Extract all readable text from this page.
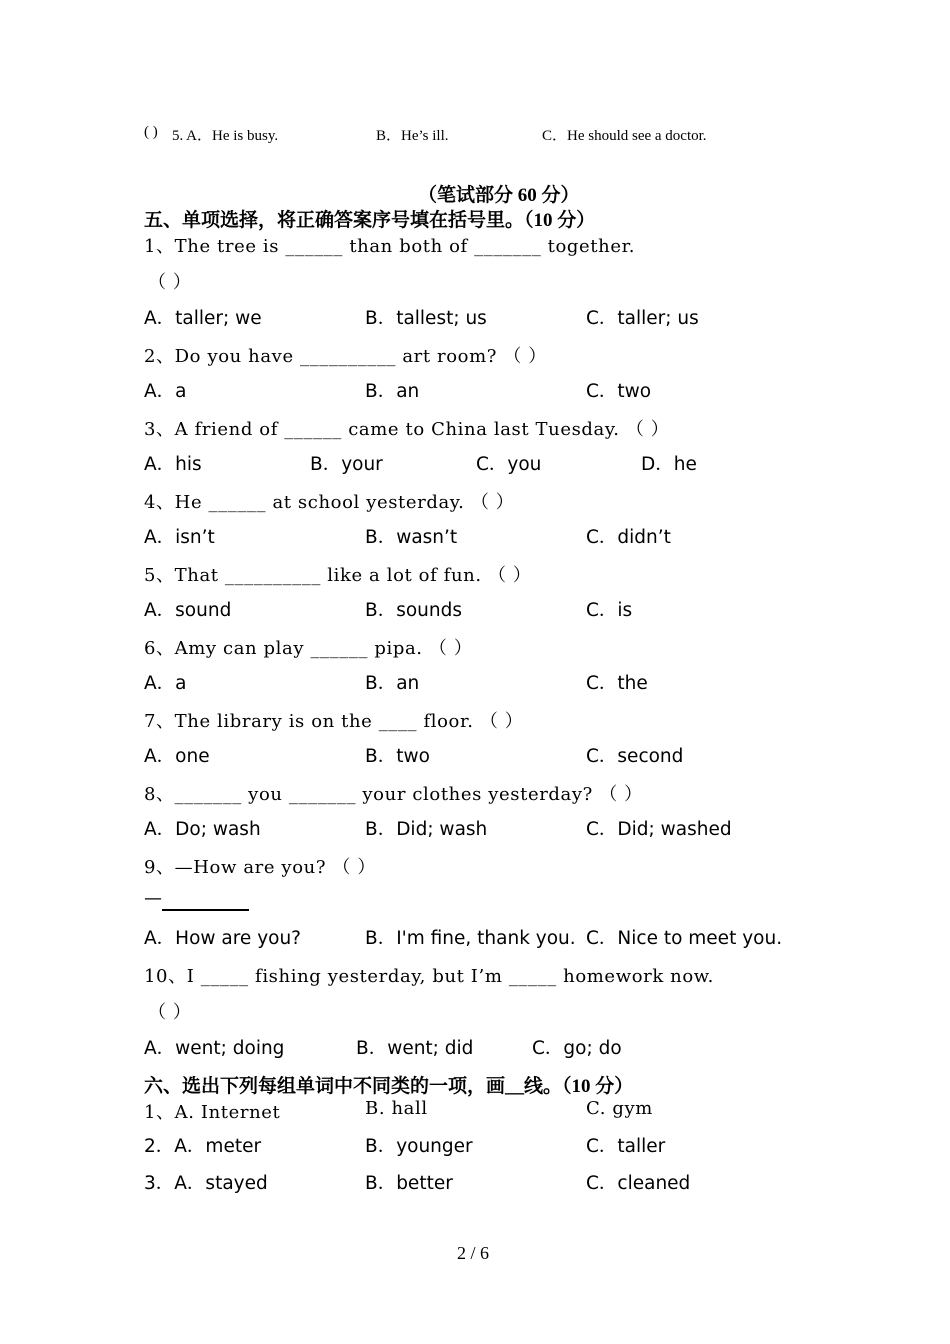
( ) 5. A．He is busy.	B．He’s ill.	C．He should see a doctor.
（笔试部分 60 分）
五、单项选择，将正确答案序号填在括号里。（10 分）
1、The tree is ______ than both of _______ together.
（ ）
A．taller; we	B．tallest; us	C．taller; us
2、Do you have __________ art room? （ ）
A．a	B．an	C．two
3、A friend of ______ came to China last Tuesday. （ ）
A．his	B．your	C．you	D．he
4、He ______ at school yesterday. （ ）
A．isn’t	B．wasn’t	C．didn’t
5、That __________ like a lot of fun. （ ）
A．sound	B．sounds	C．is
6、Amy can play ______ pipa. （ ）
A．a	B．an	C．the
7、The library is on the ____ floor. （ ）
A．one	B．two	C．second
8、_______ you _______ your clothes yesterday? （ ）
A．Do; wash	B．Did; wash	C．Did; washed
9、—How are you? （ ）
—
A．How are you?	B．I'm fine, thank you. C．Nice to meet you.
10、I _____ fishing yesterday, but I’m _____ homework now.
（ ）
A．went; doing	B．went; did	C．go; do
六、选出下列每组单词中不同类的一项，画__线。（10 分）
1、A. Internet	B. hall	C. gym
2．A．meter	B．younger	C．taller
3．A．stayed	B．better	C．cleaned
2 / 6
